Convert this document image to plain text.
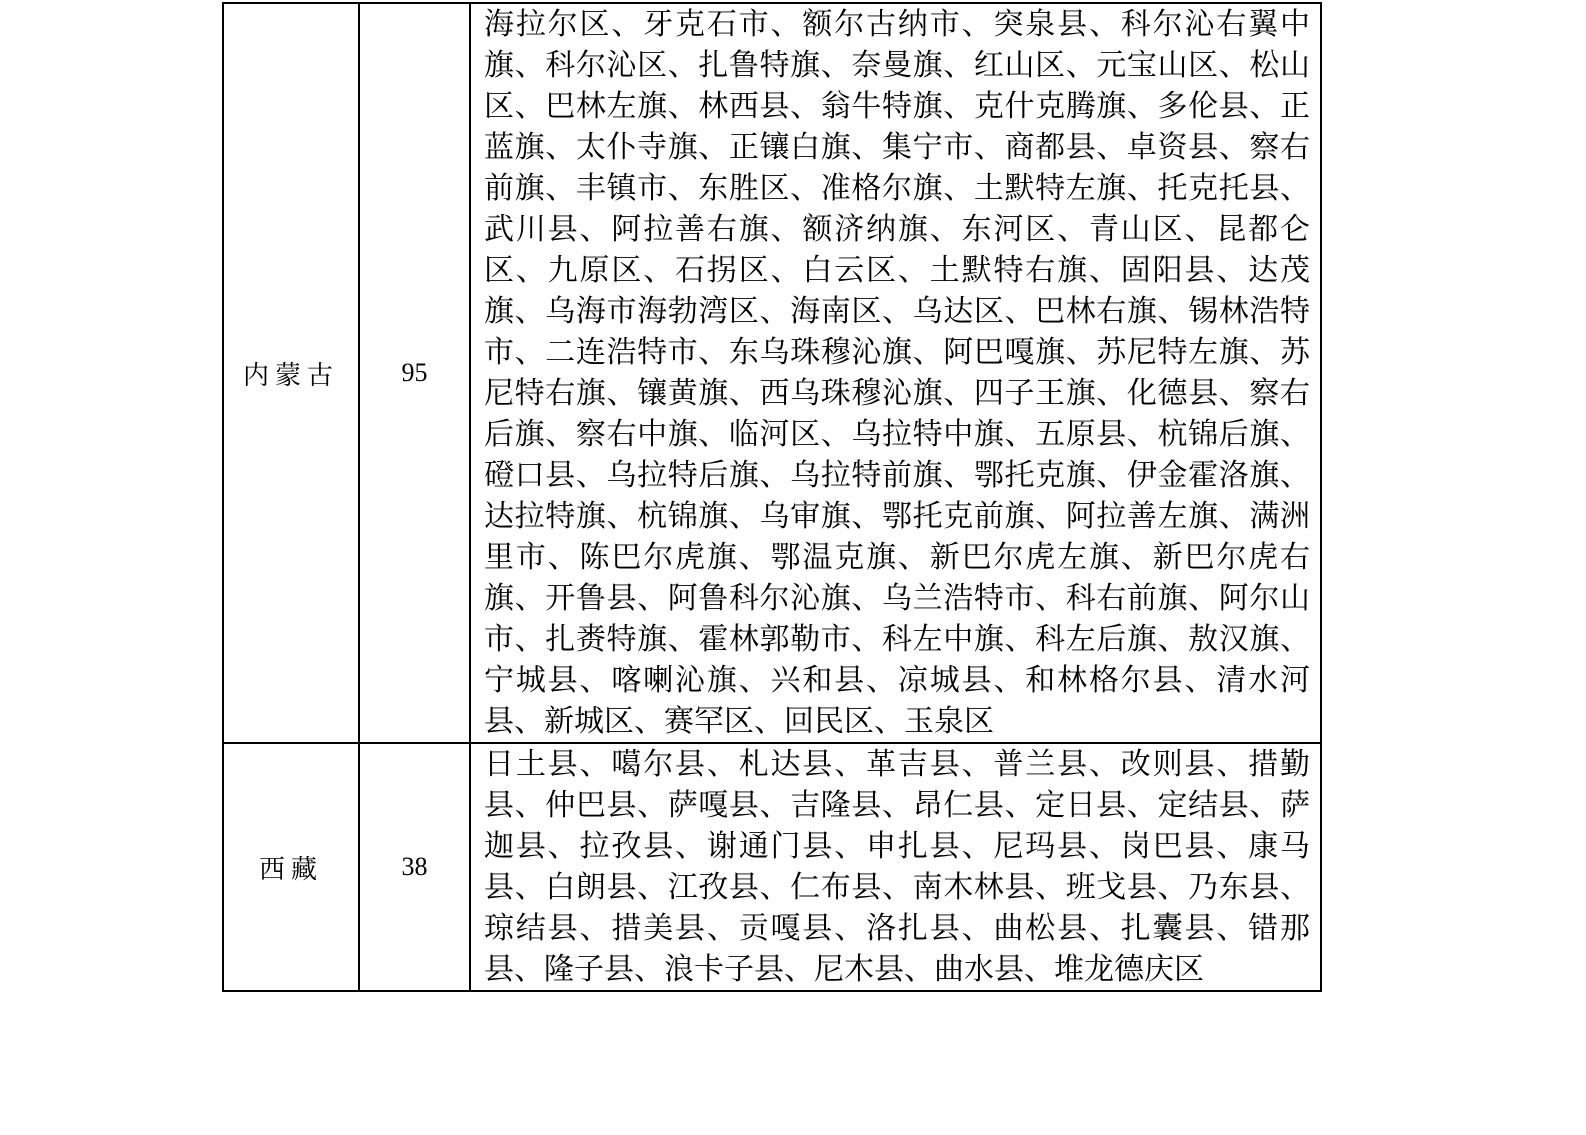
内蒙古	95	海拉尔区、牙克石市、额尔古纳市、突泉县、科尔沁右翼中旗、科尔沁区、扎鲁特旗、奈曼旗、红山区、元宝山区、松山区、巴林左旗、林西县、翁牛特旗、克什克腾旗、多伦县、正蓝旗、太仆寺旗、正镶白旗、集宁市、商都县、卓资县、察右前旗、丰镇市、东胜区、准格尔旗、土默特左旗、托克托县、武川县、阿拉善右旗、额济纳旗、东河区、青山区、昆都仑区、九原区、石拐区、白云区、土默特右旗、固阳县、达茂旗、乌海市海勃湾区、海南区、乌达区、巴林右旗、锡林浩特市、二连浩特市、东乌珠穆沁旗、阿巴嘎旗、苏尼特左旗、苏尼特右旗、镶黄旗、西乌珠穆沁旗、四子王旗、化德县、察右后旗、察右中旗、临河区、乌拉特中旗、五原县、杭锦后旗、磴口县、乌拉特后旗、乌拉特前旗、鄂托克旗、伊金霍洛旗、达拉特旗、杭锦旗、乌审旗、鄂托克前旗、阿拉善左旗、满洲里市、陈巴尔虎旗、鄂温克旗、新巴尔虎左旗、新巴尔虎右旗、开鲁县、阿鲁科尔沁旗、乌兰浩特市、科右前旗、阿尔山市、扎赉特旗、霍林郭勒市、科左中旗、科左后旗、敖汉旗、宁城县、喀喇沁旗、兴和县、凉城县、和林格尔县、清水河县、新城区、赛罕区、回民区、玉泉区
西藏	38	日土县、噶尔县、札达县、革吉县、普兰县、改则县、措勤县、仲巴县、萨嘎县、吉隆县、昂仁县、定日县、定结县、萨迦县、拉孜县、谢通门县、申扎县、尼玛县、岗巴县、康马县、白朗县、江孜县、仁布县、南木林县、班戈县、乃东县、琼结县、措美县、贡嘎县、洛扎县、曲松县、扎囊县、错那县、隆子县、浪卡子县、尼木县、曲水县、堆龙德庆区
